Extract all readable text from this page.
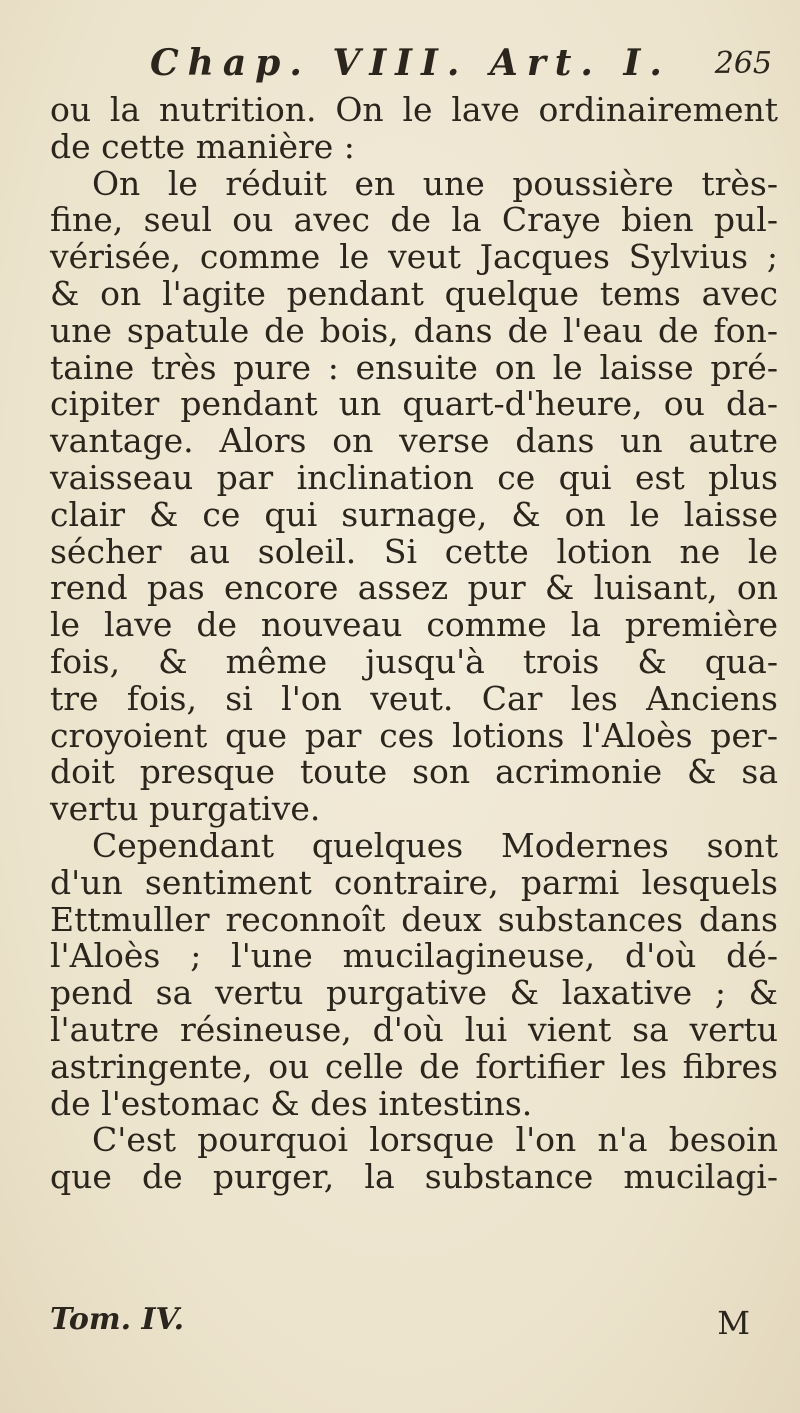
Chap. VIII. Art. I. 265
ou la nutrition. On le lave ordinairement
de cette manière :
On le réduit en une poussière très-
fine, seul ou avec de la Craye bien pul-
vérisée, comme le veut Jacques Sylvius ;
& on l'agite pendant quelque tems avec
une spatule de bois, dans de l'eau de fon-
taine très pure : ensuite on le laisse pré-
cipiter pendant un quart-d'heure, ou da-
vantage. Alors on verse dans un autre
vaisseau par inclination ce qui est plus
clair & ce qui surnage, & on le laisse
sécher au soleil. Si cette lotion ne le
rend pas encore assez pur & luisant, on
le lave de nouveau comme la première
fois, & même jusqu'à trois & qua-
tre fois, si l'on veut. Car les Anciens
croyoient que par ces lotions l'Aloès per-
doit presque toute son acrimonie & sa
vertu purgative.
Cependant quelques Modernes sont
d'un sentiment contraire, parmi lesquels
Ettmuller reconnoît deux substances dans
l'Aloès ; l'une mucilagineuse, d'où dé-
pend sa vertu purgative & laxative ; &
l'autre résineuse, d'où lui vient sa vertu
astringente, ou celle de fortifier les fibres
de l'estomac & des intestins.
C'est pourquoi lorsque l'on n'a besoin
que de purger, la substance mucilagi-
Tom. IV.	M
